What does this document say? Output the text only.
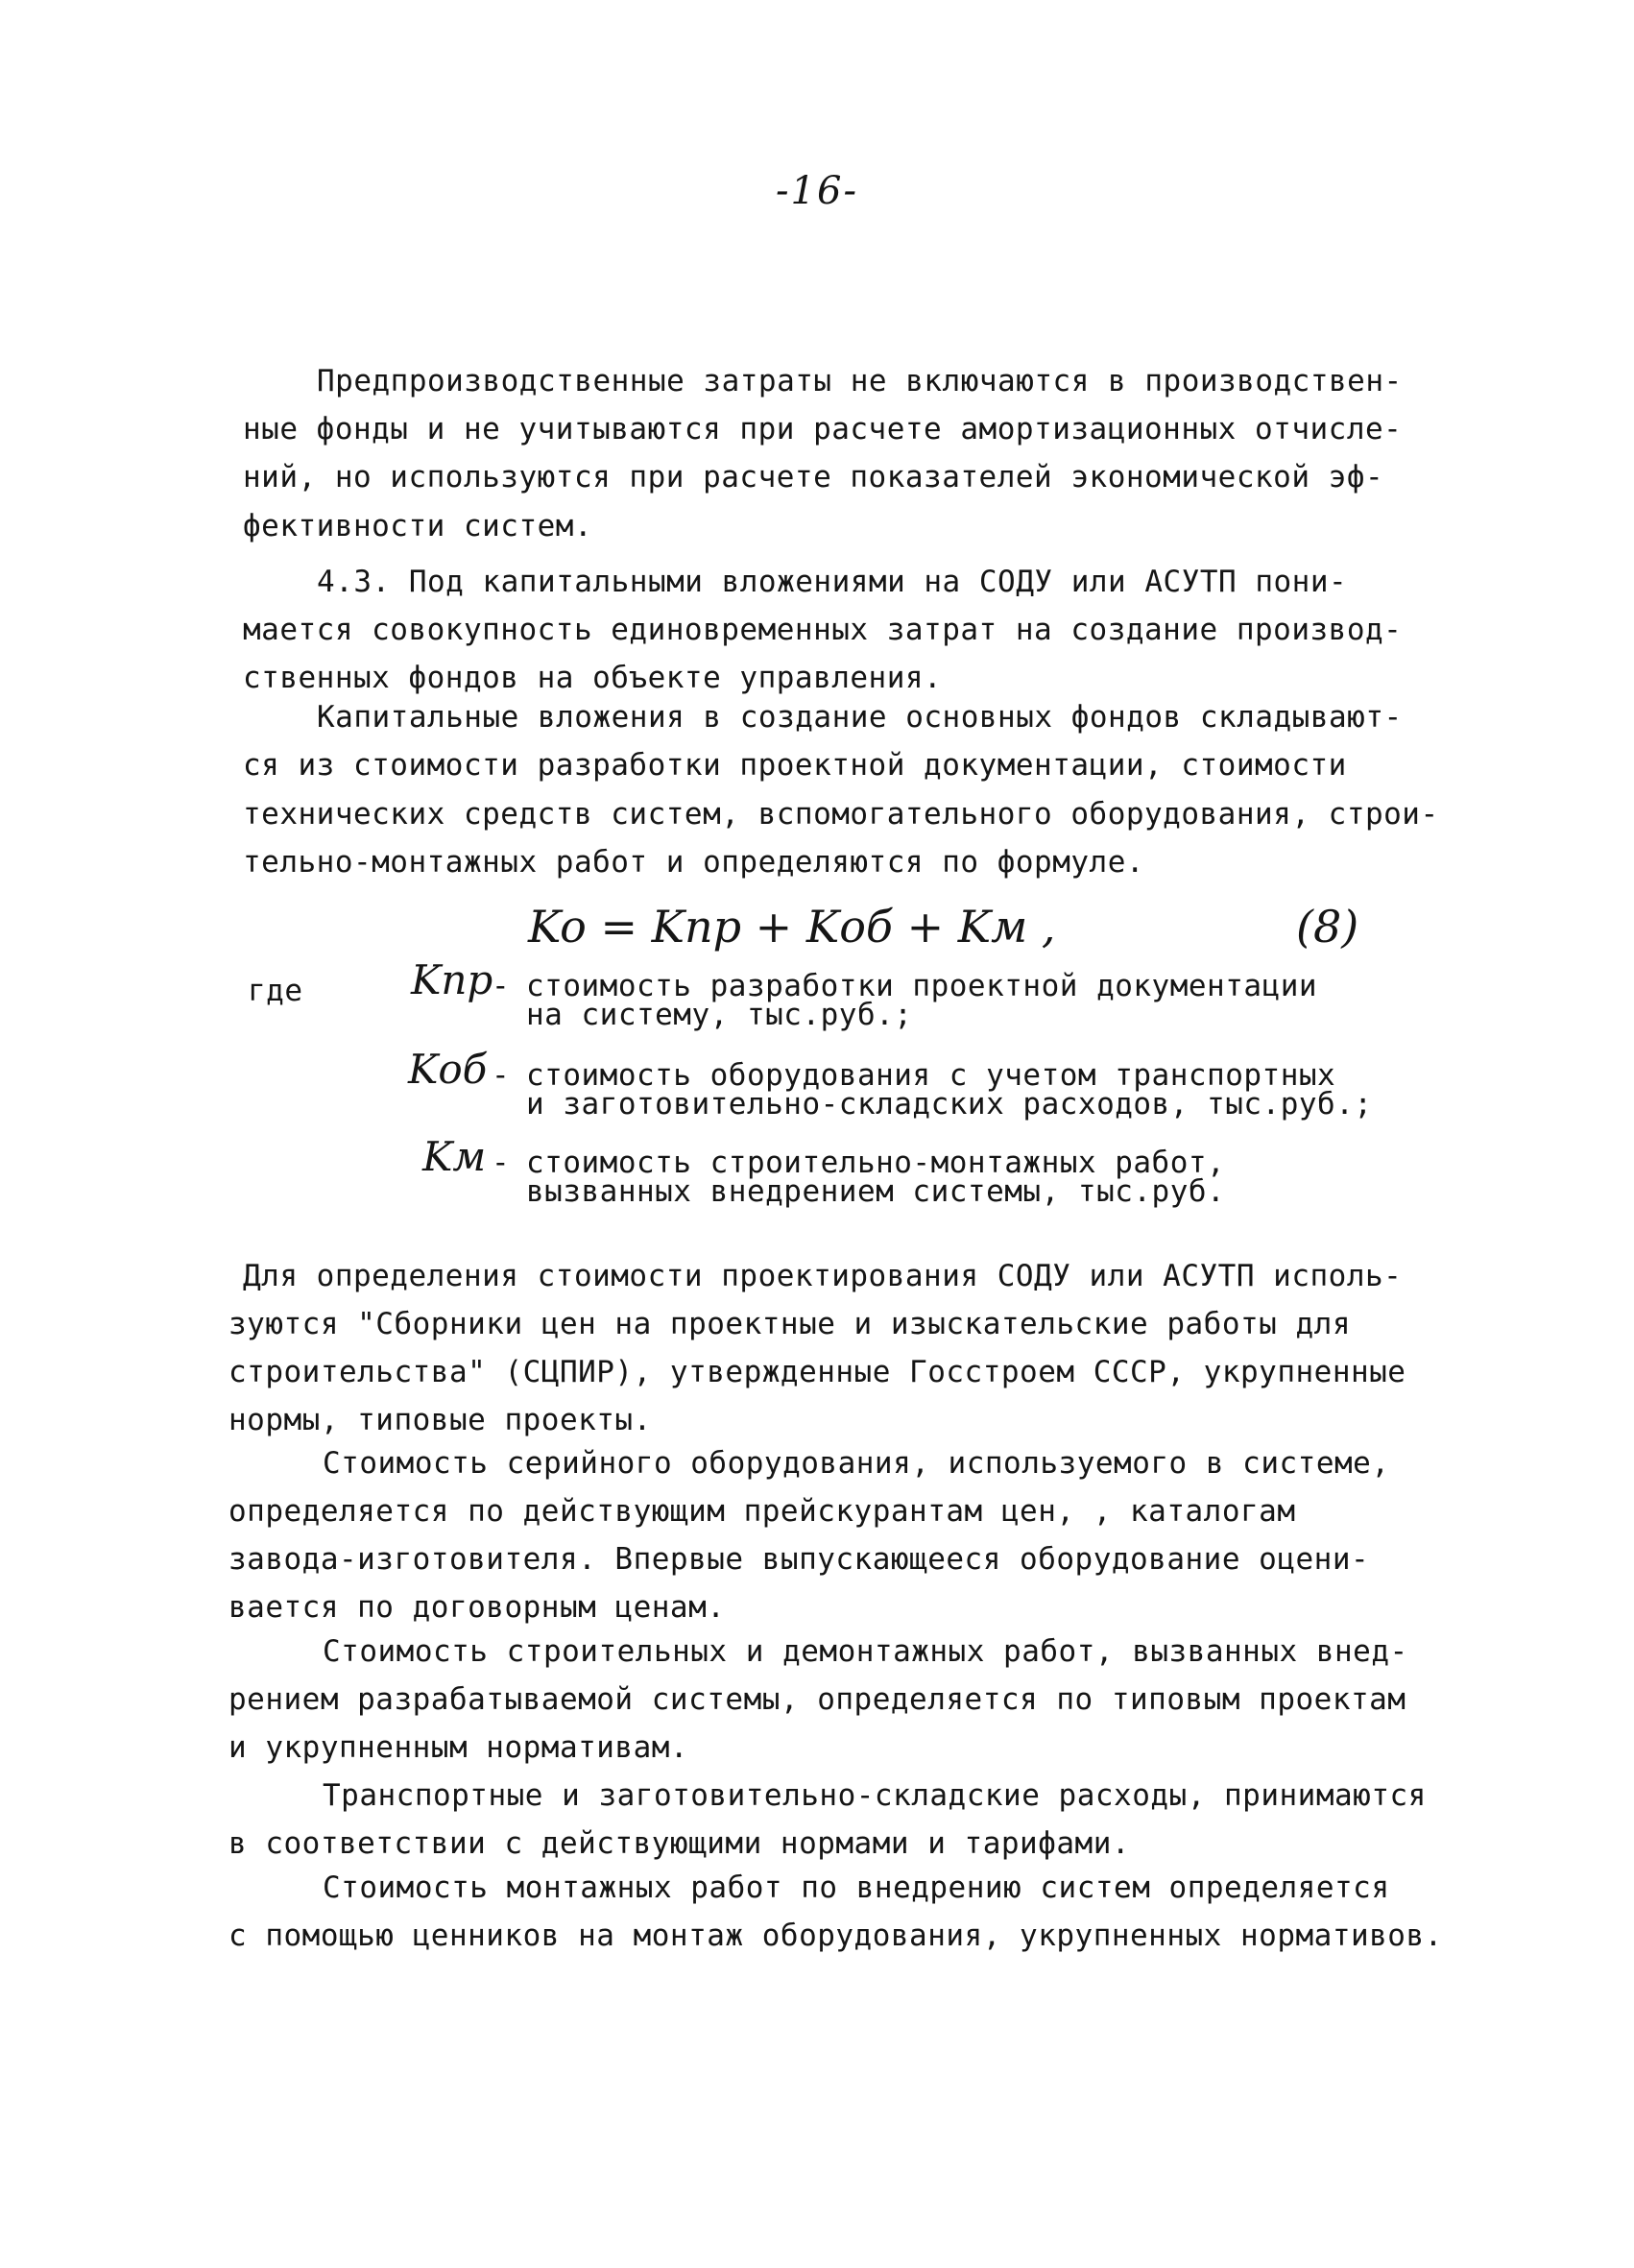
-16-
Предпроизводственные затраты не включаются в производствен-
ные фонды и не учитываются при расчете амортизационных отчисле-
ний, но используются при расчете показателей экономической эф-
фективности систем.
4.3. Под капитальными вложениями на СОДУ или АСУТП пони-
мается совокупность единовременных затрат на создание производ-
ственных фондов на объекте управления.
Капитальные вложения в создание основных фондов складывают-
ся из стоимости разработки проектной документации, стоимости
технических средств систем, вспомогательного оборудования, строи-
тельно-монтажных работ и определяются по формуле.
Ko = Kпр + Kоб + Kм ,	(8)
где	Kпр
- стоимость разработки проектной документации
на систему, тыс.руб.;
Kоб - стоимость оборудования с учетом транспортных
и заготовительно-складских расходов, тыс.руб.;
Kм - стоимость строительно-монтажных работ,
вызванных внедрением системы, тыс.руб.
Для определения стоимости проектирования СОДУ или АСУТП исполь-
зуются "Сборники цен на проектные и изыскательские работы для
строительства" (СЦПИР), утвержденные Госстроем СССР, укрупненные
нормы, типовые проекты.
Стоимость серийного оборудования, используемого в системе,
определяется по действующим прейскурантам цен, , каталогам
завода-изготовителя. Впервые выпускающееся оборудование оцени-
вается по договорным ценам.
Стоимость строительных и демонтажных работ, вызванных внед-
рением разрабатываемой системы, определяется по типовым проектам
и укрупненным нормативам.
Транспортные и заготовительно-складские расходы, принимаются
в соответствии с действующими нормами и тарифами.
Стоимость монтажных работ по внедрению систем определяется
с помощью ценников на монтаж оборудования, укрупненных нормативов.
